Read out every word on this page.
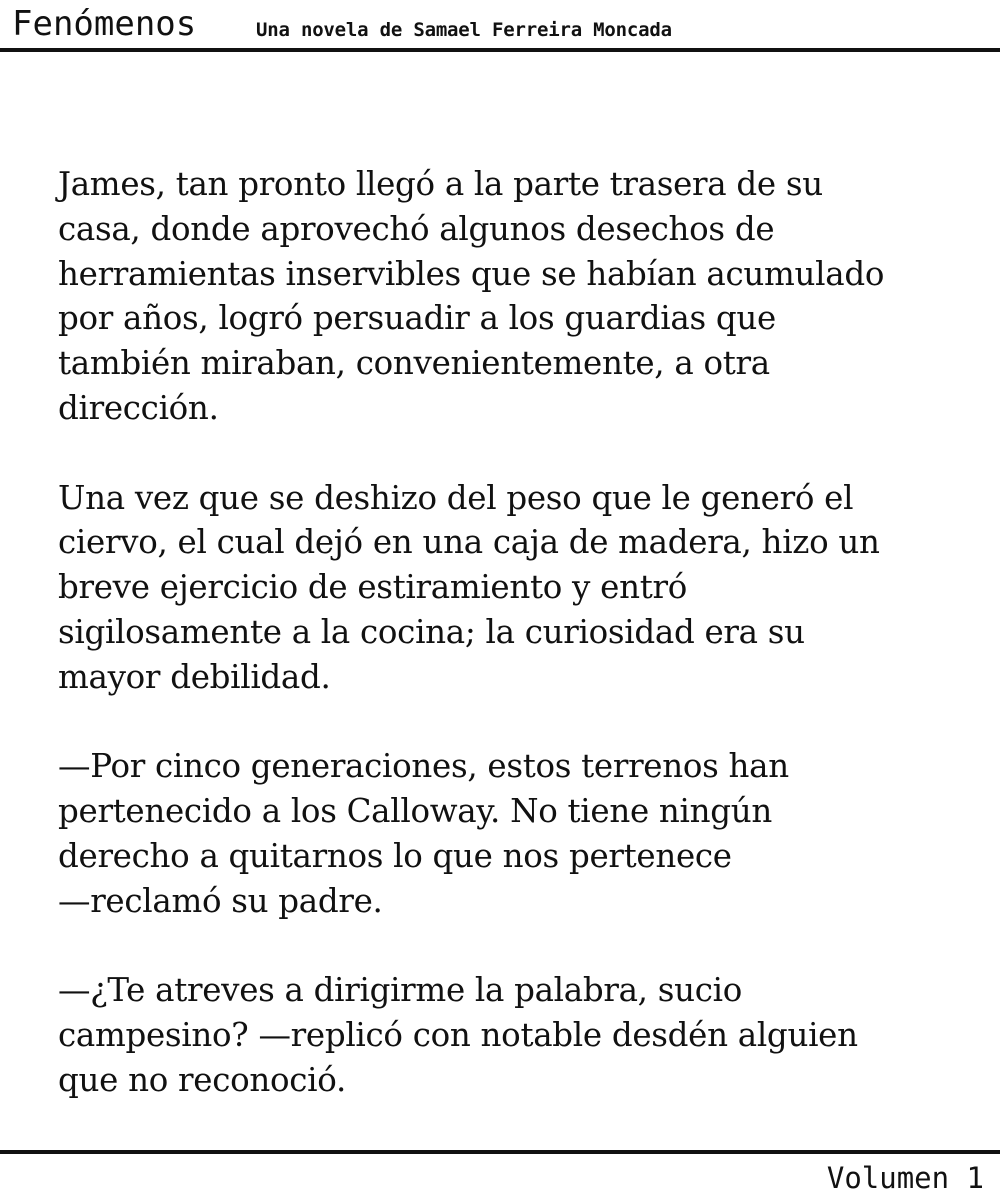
Fenómenos	Una novela de Samael Ferreira Moncada

James, tan pronto llegó a la parte trasera de su
casa, donde aprovechó algunos desechos de
herramientas inservibles que se habían acumulado
por años, logró persuadir a los guardias que
también miraban, convenientemente, a otra
dirección.

Una vez que se deshizo del peso que le generó el
ciervo, el cual dejó en una caja de madera, hizo un
breve ejercicio de estiramiento y entró
sigilosamente a la cocina; la curiosidad era su
mayor debilidad.

—Por cinco generaciones, estos terrenos han
pertenecido a los Calloway. No tiene ningún
derecho a quitarnos lo que nos pertenece
—reclamó su padre.

—¿Te atreves a dirigirme la palabra, sucio
campesino? —replicó con notable desdén alguien
que no reconoció.

Volumen 1
